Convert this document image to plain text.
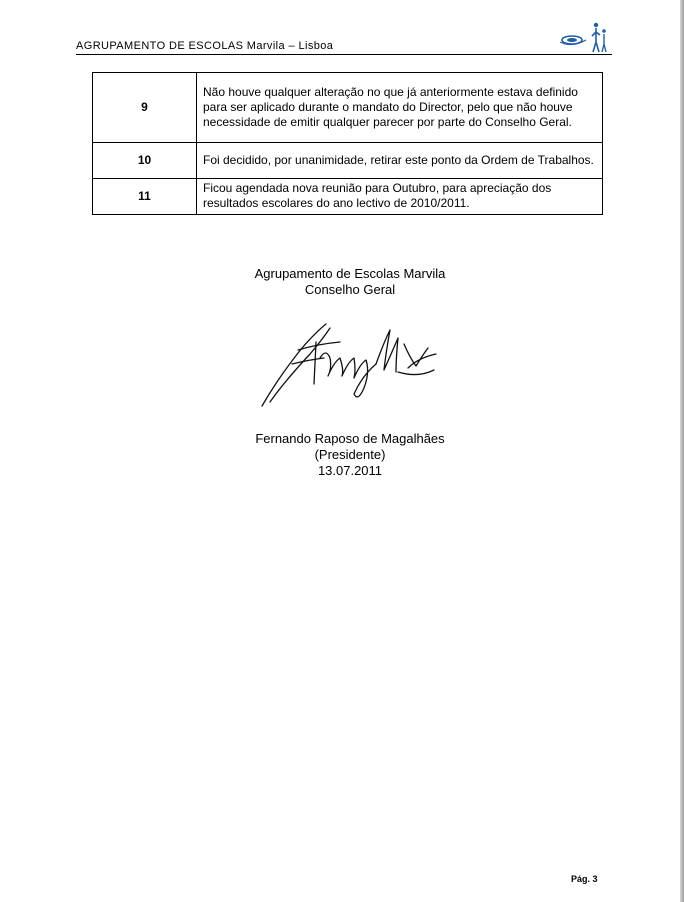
AGRUPAMENTO DE ESCOLAS Marvila – Lisboa
9	Não houve qualquer alteração no que já anteriormente estava definido para ser aplicado durante o mandato do Director, pelo que não houve necessidade de emitir qualquer parecer por parte do Conselho Geral.
10	Foi decidido, por unanimidade, retirar este ponto da Ordem de Trabalhos.
11	Ficou agendada nova reunião para Outubro, para apreciação dos resultados escolares do ano lectivo de 2010/2011.
Agrupamento de Escolas Marvila
Conselho Geral
Fernando Raposo de Magalhães
(Presidente)
13.07.2011
Pág. 3
